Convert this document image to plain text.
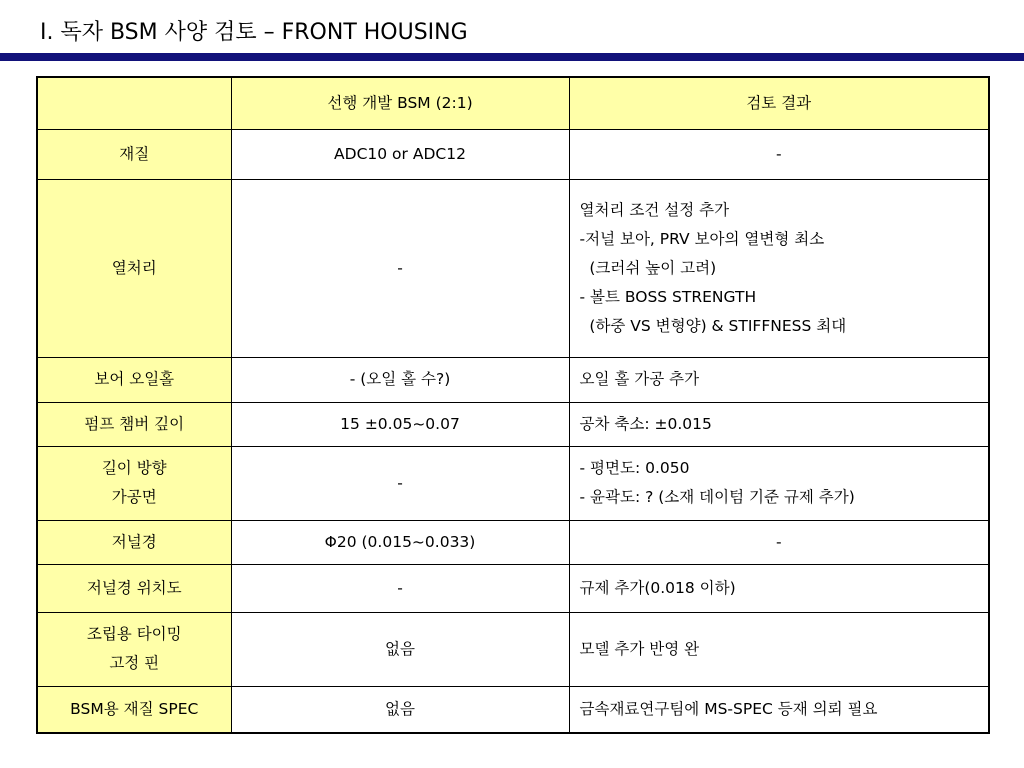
Ⅰ. 독자 BSM 사양 검토 – FRONT HOUSING
	선행 개발 BSM (2:1)	검토 결과

재질	ADC10 or ADC12	-

열처리	-	열처리 조건 설정 추가
-저널 보아, PRV 보아의 열변형 최소
(크러쉬 높이 고려)
- 볼트 BOSS STRENGTH
(하중 VS 변형양) & STIFFNESS 최대

보어 오일홀	- (오일 홀 수?)	오일 홀 가공 추가

펌프 챔버 깊이	15 ±0.05~0.07	공차 축소: ±0.015

길이 방향
가공면	-	- 평면도: 0.050
- 윤곽도: ? (소재 데이텀 기준 규제 추가)

저널경	Φ20 (0.015~0.033)	-

저널경 위치도	-	규제 추가(0.018 이하)

조립용 타이밍
고정 핀	없음	모델 추가 반영 완

BSM용 재질 SPEC	없음	금속재료연구팀에 MS-SPEC 등재 의뢰 필요
